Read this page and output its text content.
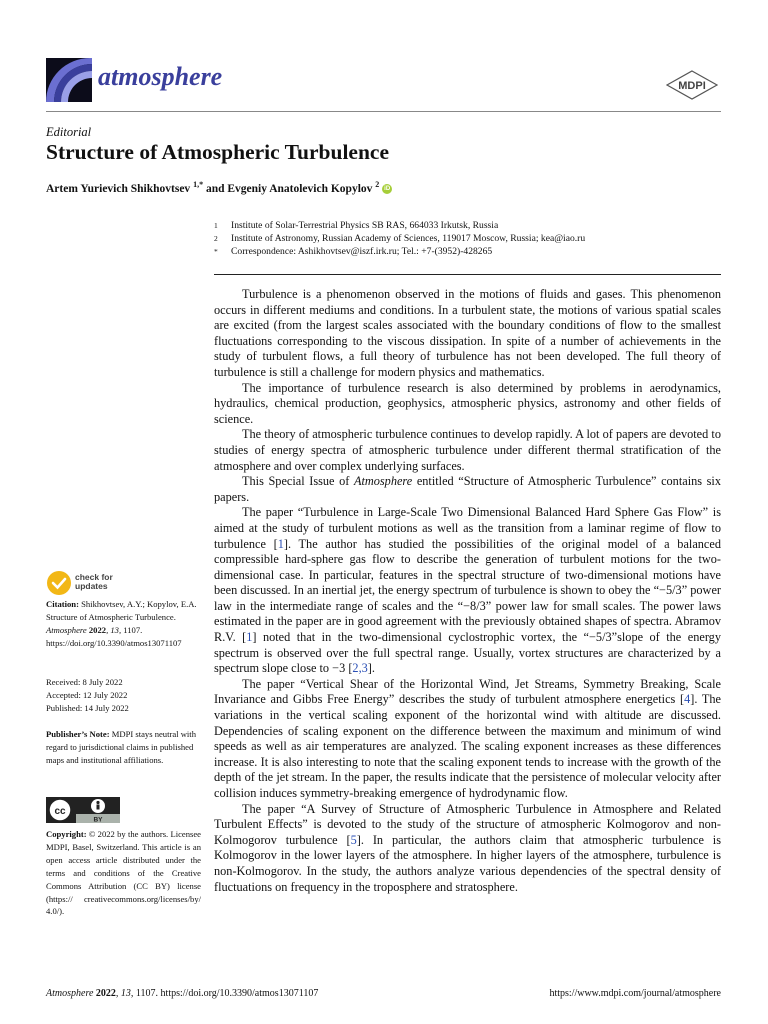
atmosphere	MDPI
Editorial
Structure of Atmospheric Turbulence
Artem Yurievich Shikhovtsev $^{1,*}$ and Evgeniy Anatolevich Kopylov $^2$ iD
1	Institute of Solar-Terrestrial Physics SB RAS, 664033 Irkutsk, Russia
2	Institute of Astronomy, Russian Academy of Sciences, 119017 Moscow, Russia; kea@iao.ru
*	Correspondence: Ashikhovtsev@iszf.irk.ru; Tel.: +7-(3952)-428265

Turbulence is a phenomenon observed in the motions of fluids and gases. This phenomenon occurs in different mediums and conditions. In a turbulent state, the motions of various spatial scales are excited (from the largest scales associated with the boundary conditions of flow to the smallest fluctuations corresponding to the viscous dissipation. In spite of a number of achievements in the study of turbulent flows, a full theory of turbulence has not been developed. The full theory of turbulence is still a challenge for modern physics and mathematics.

The importance of turbulence research is also determined by problems in aerodynamics, hydraulics, chemical production, geophysics, atmospheric physics, astronomy and other fields of science.

The theory of atmospheric turbulence continues to develop rapidly. A lot of papers are devoted to studies of energy spectra of atmospheric turbulence under different thermal stratification of the atmosphere and over complex underlying surfaces.

This Special Issue of Atmosphere entitled “Structure of Atmospheric Turbulence” contains six papers.

The paper “Turbulence in Large-Scale Two Dimensional Balanced Hard Sphere Gas Flow” is aimed at the study of turbulent motions as well as the transition from a laminar regime of flow to turbulence [1]. The author has studied the possibilities of the original model of a balanced compressible hard-sphere gas flow to describe the generation of turbulent motions for the two-dimensional case. In particular, features in the spectral structure of two-dimensional motions have been discussed. In an inertial jet, the energy spectrum of turbulence is shown to obey the “−5/3” power law in the intermediate range of scales and the “−8/3” power law for small scales. The power laws estimated in the paper are in good agreement with the previously obtained shapes of spectra. Abramov R.V. [1] noted that in the two-dimensional cyclostrophic vortex, the “−5/3”slope of the energy spectrum is observed over the full spectral range. Usually, vortex structures are characterized by a spectrum slope close to −3 [2,3].

The paper “Vertical Shear of the Horizontal Wind, Jet Streams, Symmetry Breaking, Scale Invariance and Gibbs Free Energy” describes the study of turbulent atmosphere energetics [4]. The variations in the vertical scaling exponent of the horizontal wind with altitude are discussed. Dependencies of scaling exponent on the difference between the maximum and minimum of wind speeds as well as air temperatures are analyzed. The scaling exponent increases as these differences increase. It is also interesting to note that the scaling exponent tends to increase with the growth of the depth of the jet stream. In the paper, the results indicate that the persistence of molecular velocity after collision induces symmetry-breaking emergence of hydrodynamic flow.

The paper “A Survey of Structure of Atmospheric Turbulence in Atmosphere and Related Turbulent Effects” is devoted to the study of the structure of atmospheric Kolmogorov and non-Kolmogorov turbulence [5]. In particular, the authors claim that atmospheric turbulence is Kolmogorov in the lower layers of the atmosphere. In higher layers of the atmosphere, turbulence is non-Kolmogorov. In the study, the authors analyze various dependencies of the spectral density of fluctuations on frequency in the troposphere and stratosphere.

check for
updates
Citation: Shikhovtsev, A.Y.; Kopylov, E.A. Structure of Atmospheric Turbulence. Atmosphere 2022, 13, 1107. https://doi.org/10.3390/atmos13071107
Received: 8 July 2022
Accepted: 12 July 2022
Published: 14 July 2022
Publisher’s Note: MDPI stays neutral with regard to jurisdictional claims in published maps and institutional affiliations.
cc
BY
Copyright: © 2022 by the authors. Licensee MDPI, Basel, Switzerland. This article is an open access article distributed under the terms and conditions of the Creative Commons Attribution (CC BY) license (https:// creativecommons.org/licenses/by/ 4.0/).
Atmosphere 2022, 13, 1107. https://doi.org/10.3390/atmos13071107	https://www.mdpi.com/journal/atmosphere
